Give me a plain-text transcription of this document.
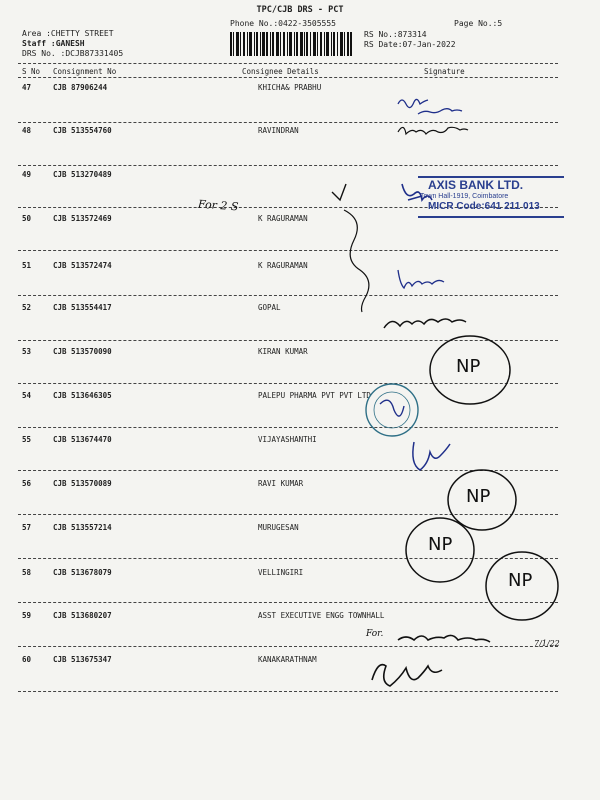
TPC/CJB DRS - PCT
Phone No.:0422-3505555	Page No.:5
Area :CHETTY STREET
Staff :GANESH
DRS No. :DCJB87331405
RS No.:873314
RS Date:07-Jan-2022
S No Consignment No	Consignee Details	Signature
47	CJB 87906244	KHICHA& PRABHU
48	CJB 513554760	RAVINDRAN
49	CJB 513270489
50	CJB 513572469	K RAGURAMAN
51	CJB 513572474	K RAGURAMAN
52	CJB 513554417	GOPAL
53	CJB 513570090	KIRAN KUMAR
54	CJB 513646305	PALEPU PHARMA PVT PVT LTD
55	CJB 513674470	VIJAYASHANTHI
56	CJB 513570089	RAVI KUMAR
57	CJB 513557214	MURUGESAN
58	CJB 513678079	VELLINGIRI
59	CJB 513680207	ASST EXECUTIVE ENGG TOWNHALL
60	CJB 513675347	KANAKARATHNAM
AXIS BANK LTD.
Town Hall-1919, Coimbatore
MICR Code:641 211 013
For 2 S
For.
7/1/22
NP
NP
NP
NP
